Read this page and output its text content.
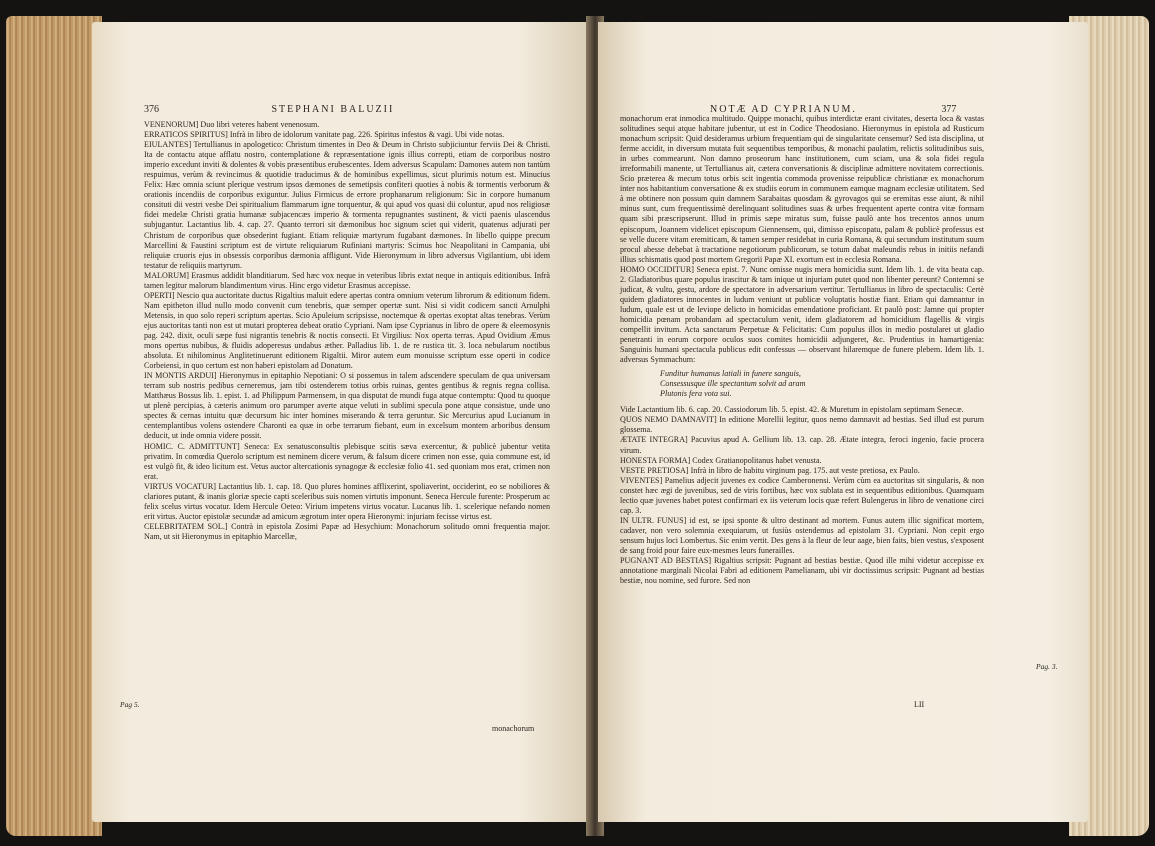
376	STEPHANI BALUZII

VENENORUM] Duo libri veteres habent venenosum.

ERRATICOS SPIRITUS] Infrà in libro de idolorum vanitate pag. 226. Spiritus infestos & vagi. Ubi vide notas.

EIULANTES] Tertullianus in apologetico: Christum timentes in Deo & Deum in Christo subjiciuntur ferviis Dei & Christi. Ita de contactu atque afflatu nostro, contemplatione & repræsentatione ignis illius correpti, etiam de corporibus nostro imperio excedunt inviti & dolentes & vobis præsentibus erubescentes. Idem adversus Scapulam: Damones autem non tantùm respuimus, verùm & revincimus & quotidie traducimus & de hominibus expellimus, sicut plurimis notum est. Minucius Felix: Hæc omnia sciunt plerique vestrum ipsos dæmones de semetipsis confiteri quoties à nobis & tormentis verborum & orationis incendiis de corporibus exiguntur. Julius Firmicus de errore prophanarum religionum: Sic in corpore humanum consituti dii vestri vesbe Dei spiritualium flammarum igne torquentur, & qui apud vos quasi dii coluntur, apud nos religiosæ fidei medelæ Christi gratia humanæ subjacencæs imperio & tormenta repugnantes sustinent, & victi paenis ulascendus subjugantur. Lactantius lib. 4. cap. 27. Quanto terrori sit dæmonibus hoc signum sciet qui viderit, quatenus adjurati per Christum de corporibus quæ obsederint fugiant. Etiam reliquiæ martyrum fugabant dæmones. In libello quippe precum Marcellini & Faustini scriptum est de virtute reliquiarum Rufiniani martyris: Scimus hoc Neapolitani in Campania, ubi reliquiæ cruoris ejus in obsessis corporibus dæmonia affligunt. Vide Hieronymum in libro adversus Vigilantium, ubi idem testatur de reliquiis martyrum.

MALORUM] Erasmus addidit blanditiarum. Sed hæc vox neque in veteribus libris extat neque in antiquis editionibus. Infrà tamen legitur malorum blandimentum virus. Hinc ergo videtur Erasmus accepisse.

OPERTI] Nescio qua auctoritate ductus Rigaltius maluit edere apertas contra omnium veterum librorum & editionum fidem. Nam epitheton illud nullo modo convenit cum tenebris, quæ semper opertæ sunt. Nisi si vidit codicem sancti Arnulphi Metensis, in quo solo reperi scriptum apertas. Scio Apuleium scripsisse, noctemque & opertas exoptat altas tenebras. Verùm ejus auctoritas tanti non est ut mutari propterea debeat oratio Cypriani. Nam ipse Cyprianus in libro de opere & eleemosynis pag. 242. dixit, oculi sæpe fusi nigrantis tenebris & noctis consecti. Et Virgilius: Nox operta terras. Apud Ovidium Æmus mons opertus nubibus, & fluidis adoperesus undabus æther. Palladius lib. 1. de re rustica tit. 3. loca nebularum noctibus absoluta. Et nihilominus Anglitetinuerunt editionem Rigaltii. Miror autem eum monuisse scriptum esse operti in codice Corbeiensi, in quo certum est non haberi epistolam ad Donatum.

IN MONTIS ARDUI] Hieronymus in epitaphio Nepotiani: O si possemus in talem adscendere speculam de qua universam terram sub nostris pedibus cerneremus, jam tibi ostenderem totius orbis ruinas, gentes gentibus & regnis regna collisa. Matthæus Bossus lib. 1. epist. 1. ad Philippum Parmensem, in qua disputat de mundi fuga atque contemptu: Quod tu quoque ut plenè percipias, à cæteris animum oro parumper averte atque veluti in sublimi specula pone atque consistue, unde uno spectes & cernas intuitu quæ decursum hic inter homines miserando & terra geruntur. Sic Mercurius apud Lucianum in centemplantibus volens ostendere Charonti ea quæ in orbe terrarum fiebant, eum in excelsum montem arboribus densum deducit, ut inde omnia videre possit.

HOMIC. C. ADMITTUNT] Seneca: Ex senatusconsultis plebisque scitis sæva exercentur, & publicè jubentur vetita privatim. In comœdia Querolo scriptum est neminem dicere verum, & falsum dicere crimen non esse, quia commune est, id est vulgò fit, & ideo licitum est. Vetus auctor altercationis synagogæ & ecclesiæ folio 41. sed quoniam mos erat, crimen non erat.

VIRTUS VOCATUR] Lactantius lib. 1. cap. 18. Quo plures homines afflixerint, spoliaverint, occiderint, eo se nobiliores & clariores putant, & inanis gloriæ specie capti sceleribus suis nomen virtutis imponunt. Seneca Hercule furente: Prosperum ac felix scelus virtus vocatur. Idem Hercule Oeteo: Virium impetens virtus vocatur. Lucanus lib. 1. scelerique nefando nomen erit virtus. Auctor epistolæ secundæ ad amicum ægrotum inter opera Hieronymi: injuriam fecisse virtus est.

CELEBRITATEM SOL.] Contrà in epistola Zosimi Papæ ad Hesychium: Monachorum solitudo omni frequentia major. Nam, ut sit Hieronymus in epitaphio Marcellæ,

Pag 5.
monachorum
NOTÆ AD CYPRIANUM.	377

monachorum erat inmodica multitudo. Quippe monachi, quibus interdictæ erant civitates, deserta loca & vastas solitudines sequi atque habitare jubentur, ut est in Codice Theodosiano. Hieronymus in epistola ad Rusticum monachum scripsit: Quid desideramus urbium frequentiam qui de singularitate censemur? Sed ista disciplina, ut ferme accidit, in diversum mutata fuit sequentibus temporibus, & monachi paulatim, relictis solitudinibus suis, in urbes commearunt. Non damno proseorum hanc institutionem, cum sciam, una & sola fidei regula irreformabili manente, ut Tertullianus ait, cætera conversationis & disciplinæ admittere novitatem correctionis. Scio præterea & mecum totus orbis scit ingentia commoda provenisse reipublicæ christianæ ex monachorum inter nos habitantium conversatione & ex studiis eorum in communem eamque magnam ecclesiæ utilitatem. Sed à me obtinere non possum quin damnem Sarabaitas quosdam & gyrovagos qui se eremitas esse aiunt, & nihil minus sunt, cum frequentissimè derelinquant solitudines suas & urbes frequentent aperte contra vitæ formam quam sibi præscripserunt. Illud in primis sæpe miratus sum, fuisse paulò ante hos trecentos annos unum episcopum, Joannem videlicet episcopum Giennensem, qui, dimisso episcopatu, palam & publicè professus est se velle ducere vitam eremiticam, & tamen semper residebat in curia Romana, & qui secundum institutum suum procul abesse debebat à tractatione negotiorum publicorum, se totum dabat maleundis rebus in initiis nefandi illius schismatis quod post mortem Gregorii Papæ XI. exortum est in ecclesia Romana.

HOMO OCCIDITUR] Seneca epist. 7. Nunc omisse nugis mera homicidia sunt. Idem lib. 1. de vita beata cap. 2. Gladiatoribus quare populus irascitur & tam inique ut injuriam putet quod non libenter pereunt? Contemni se judicat, & vultu, gestu, ardore de spectatore in adversarium vertitur. Tertullianus in libro de spectaculis: Certè quidem gladiatores innocentes in ludum veniunt ut publicæ voluptatis hostiæ fiant. Etiam qui damnantur in ludum, quale est ut de levioре delicto in homicidas emendatione proficiant. Et paulò post: Jamne qui propter homicidia pœnam probandam ad spectaculum venit, idem gladiatorem ad homicidium flagellis & virgis compellit invitum. Acta sanctarum Perpetuæ & Felicitatis: Cum populus illos in medio postularet ut gladio penetranti in eorum corpore oculos suos comites homicidii adjungeret, &c. Prudentius in hamartigenia: Sanguinis humani spectacula publicus edit confessus — observant hilaremque de funere plebem. Idem lib. 1. adversus Symmachum:

Funditur humanus latiali in funere sanguis,
Consessusque ille spectantum solvit ad aram
Plutonis fera vota sui.

Vide Lactantium lib. 6. cap. 20. Cassiodorum lib. 5. epist. 42. & Muretum in epistolam septimam Senecæ.

QUOS NEMO DAMNAVIT] In editione Morellii legitur, quos nemo damnavit ad bestias. Sed illud est purum glossema.

ÆTATE INTEGRA] Pacuvius apud A. Gellium lib. 13. cap. 28. Ætate integra, feroci ingenio, facie procera virum.

HONESTA FORMA] Codex Gratianopolitanus habet venusta.

VESTE PRETIOSA] Infrà in libro de habitu virginum pag. 175. aut veste pretiosa, ex Paulo.

VIVENTES] Pamelius adjecit juvenes ex codice Camberonensi. Verùm cùm ea auctoritas sit singularis, & non constet hæc ægi de juvenibus, sed de viris fortibus, hæc vox sublata est in sequentibus editionibus. Quamquam lectio quæ juvenes habet potest confirmari ex iis veterum locis quæ refert Bulengerus in libro de venatione circi cap. 3.

IN ULTR. FUNUS] id est, se ipsi sponte & ultro destinant ad mortem. Funus autem illic significat mortem, cadaver, non vero solemnia exequiarum, ut fusiùs ostendemus ad epistolam 31. Cypriani. Non cepit ergo sensum hujus loci Lombertus. Sic enim vertit. Des gens à la fleur de leur aage, bien faits, bien vestus, s'exposent de sang froid pour faire eux-mesmes leurs funerailles.

PUGNANT AD BESTIAS] Rigaltius scripsit: Pugnant ad bestias bestiæ. Quod ille mihi videtur accepisse ex annotatione marginali Nicolai Fabri ad editionem Pamelianam, ubi vir doctissimus scripsit: Pugnant ad bestias bestiæ, nou nomine, sed furore. Sed non

Pag. 3.
LII
